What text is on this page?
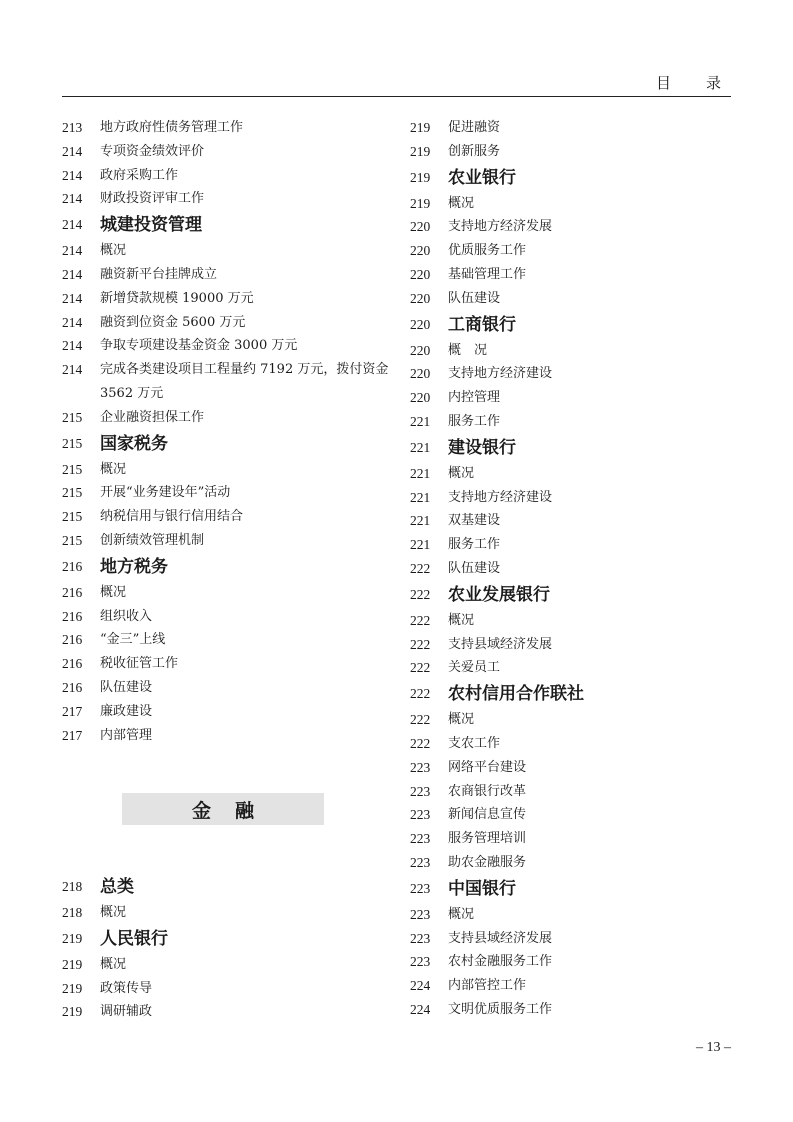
目　录
213	地方政府性债务管理工作
214	专项资金绩效评价
214	政府采购工作
214	财政投资评审工作
214	城建投资管理
214	概况
214	融资新平台挂牌成立
214	新增贷款规模 19000 万元
214	融资到位资金 5600 万元
214	争取专项建设基金资金 3000 万元
214	完成各类建设项目工程量约 7192 万元，拨付资金 3562 万元
215	企业融资担保工作
215	国家税务
215	概况
215	开展“业务建设年”活动
215	纳税信用与银行信用结合
215	创新绩效管理机制
216	地方税务
216	概况
216	组织收入
216	“金三”上线
216	税收征管工作
216	队伍建设
217	廉政建设
217	内部管理
金融
218	总类
218	概况
219	人民银行
219	概况
219	政策传导
219	调研辅政
219	促进融资
219	创新服务
219	农业银行
219	概况
220	支持地方经济发展
220	优质服务工作
220	基础管理工作
220	队伍建设
220	工商银行
220	概　况
220	支持地方经济建设
220	内控管理
221	服务工作
221	建设银行
221	概况
221	支持地方经济建设
221	双基建设
221	服务工作
222	队伍建设
222	农业发展银行
222	概况
222	支持县域经济发展
222	关爱员工
222	农村信用合作联社
222	概况
222	支农工作
223	网络平台建设
223	农商银行改革
223	新闻信息宣传
223	服务管理培训
223	助农金融服务
223	中国银行
223	概况
223	支持县域经济发展
223	农村金融服务工作
224	内部管控工作
224	文明优质服务工作
– 13 –
